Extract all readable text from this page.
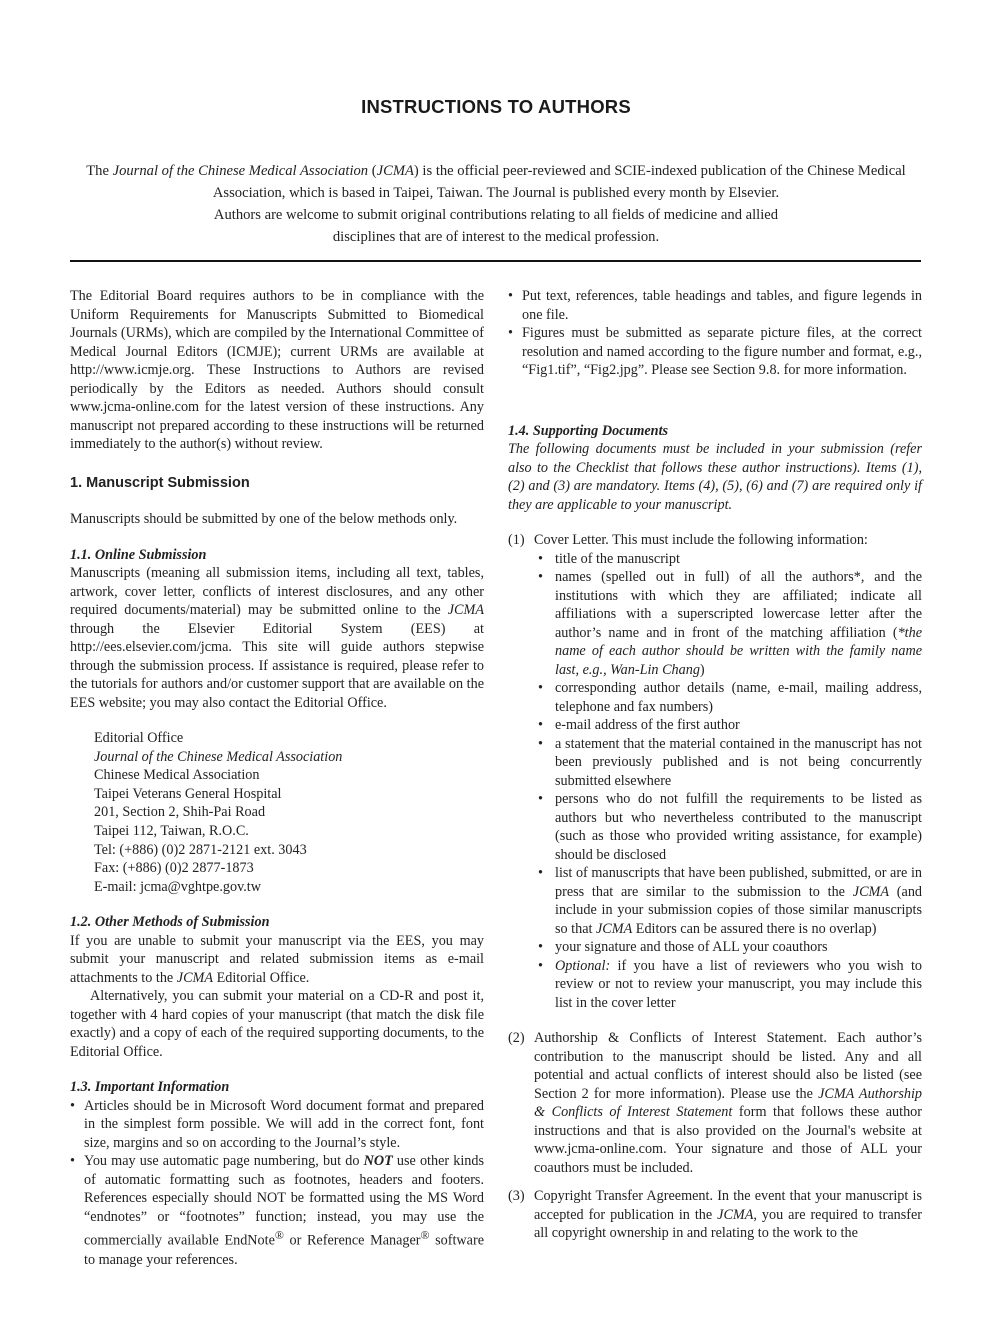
INSTRUCTIONS TO AUTHORS
The Journal of the Chinese Medical Association (JCMA) is the official peer-reviewed and SCIE-indexed publication of the Chinese Medical Association, which is based in Taipei, Taiwan. The Journal is published every month by Elsevier.
Authors are welcome to submit original contributions relating to all fields of medicine and allied
disciplines that are of interest to the medical profession.

The Editorial Board requires authors to be in compliance with the Uniform Requirements for Manuscripts Submitted to Biomedical Journals (URMs), which are compiled by the International Committee of Medical Journal Editors (ICMJE); current URMs are available at http://www.icmje.org. These Instructions to Authors are revised periodically by the Editors as needed. Authors should consult www.jcma-online.com for the latest version of these instructions. Any manuscript not prepared according to these instructions will be returned immediately to the author(s) without review.

1. Manuscript Submission

Manuscripts should be submitted by one of the below methods only.

1.1. Online Submission

Manuscripts (meaning all submission items, including all text, tables, artwork, cover letter, conflicts of interest disclosures, and any other required documents/material) may be submitted online to the JCMA through the Elsevier Editorial System (EES) at http://ees.elsevier.com/jcma. This site will guide authors stepwise through the submission process. If assistance is required, please refer to the tutorials for authors and/or customer support that are available on the EES website; you may also contact the Editorial Office.

Editorial Office
Journal of the Chinese Medical Association
Chinese Medical Association
Taipei Veterans General Hospital
201, Section 2, Shih-Pai Road
Taipei 112, Taiwan, R.O.C.
Tel: (+886) (0)2 2871-2121 ext. 3043
Fax: (+886) (0)2 2877-1873
E-mail: jcma@vghtpe.gov.tw

1.2. Other Methods of Submission

If you are unable to submit your manuscript via the EES, you may submit your manuscript and related submission items as e-mail attachments to the JCMA Editorial Office.

Alternatively, you can submit your material on a CD-R and post it, together with 4 hard copies of your manuscript (that match the disk file exactly) and a copy of each of the required supporting documents, to the Editorial Office.

1.3. Important Information

• Articles should be in Microsoft Word document format and prepared in the simplest form possible. We will add in the correct font, font size, margins and so on according to the Journal’s style.
• You may use automatic page numbering, but do NOT use other kinds of automatic formatting such as footnotes, headers and footers. References especially should NOT be formatted using the MS Word “endnotes” or “footnotes” function; instead, you may use the commercially available EndNote® or Reference Manager® software to manage your references.
• Put text, references, table headings and tables, and figure legends in one file.
• Figures must be submitted as separate picture files, at the correct resolution and named according to the figure number and format, e.g., “Fig1.tif”, “Fig2.jpg”. Please see Section 9.8. for more information.

1.4. Supporting Documents

The following documents must be included in your submission (refer also to the Checklist that follows these author instructions). Items (1), (2) and (3) are mandatory. Items (4), (5), (6) and (7) are required only if they are applicable to your manuscript.

(1) Cover Letter. This must include the following information:
• title of the manuscript
• names (spelled out in full) of all the authors*, and the institutions with which they are affiliated; indicate all affiliations with a superscripted lowercase letter after the author’s name and in front of the matching affiliation (*the name of each author should be written with the family name last, e.g., Wan-Lin Chang)
• corresponding author details (name, e-mail, mailing address, telephone and fax numbers)
• e-mail address of the first author
• a statement that the material contained in the manuscript has not been previously published and is not being concurrently submitted elsewhere
• persons who do not fulfill the requirements to be listed as authors but who nevertheless contributed to the manuscript (such as those who provided writing assistance, for example) should be disclosed
• list of manuscripts that have been published, submitted, or are in press that are similar to the submission to the JCMA (and include in your submission copies of those similar manuscripts so that JCMA Editors can be assured there is no overlap)
• your signature and those of ALL your coauthors
• Optional: if you have a list of reviewers who you wish to review or not to review your manuscript, you may include this list in the cover letter
(2) Authorship & Conflicts of Interest Statement. Each author’s contribution to the manuscript should be listed. Any and all potential and actual conflicts of interest should also be listed (see Section 2 for more information). Please use the JCMA Authorship & Conflicts of Interest Statement form that follows these author instructions and that is also provided on the Journal's website at www.jcma-online.com. Your signature and those of ALL your coauthors must be included.
(3) Copyright Transfer Agreement. In the event that your manuscript is accepted for publication in the JCMA, you are required to transfer all copyright ownership in and relating to the work to the
